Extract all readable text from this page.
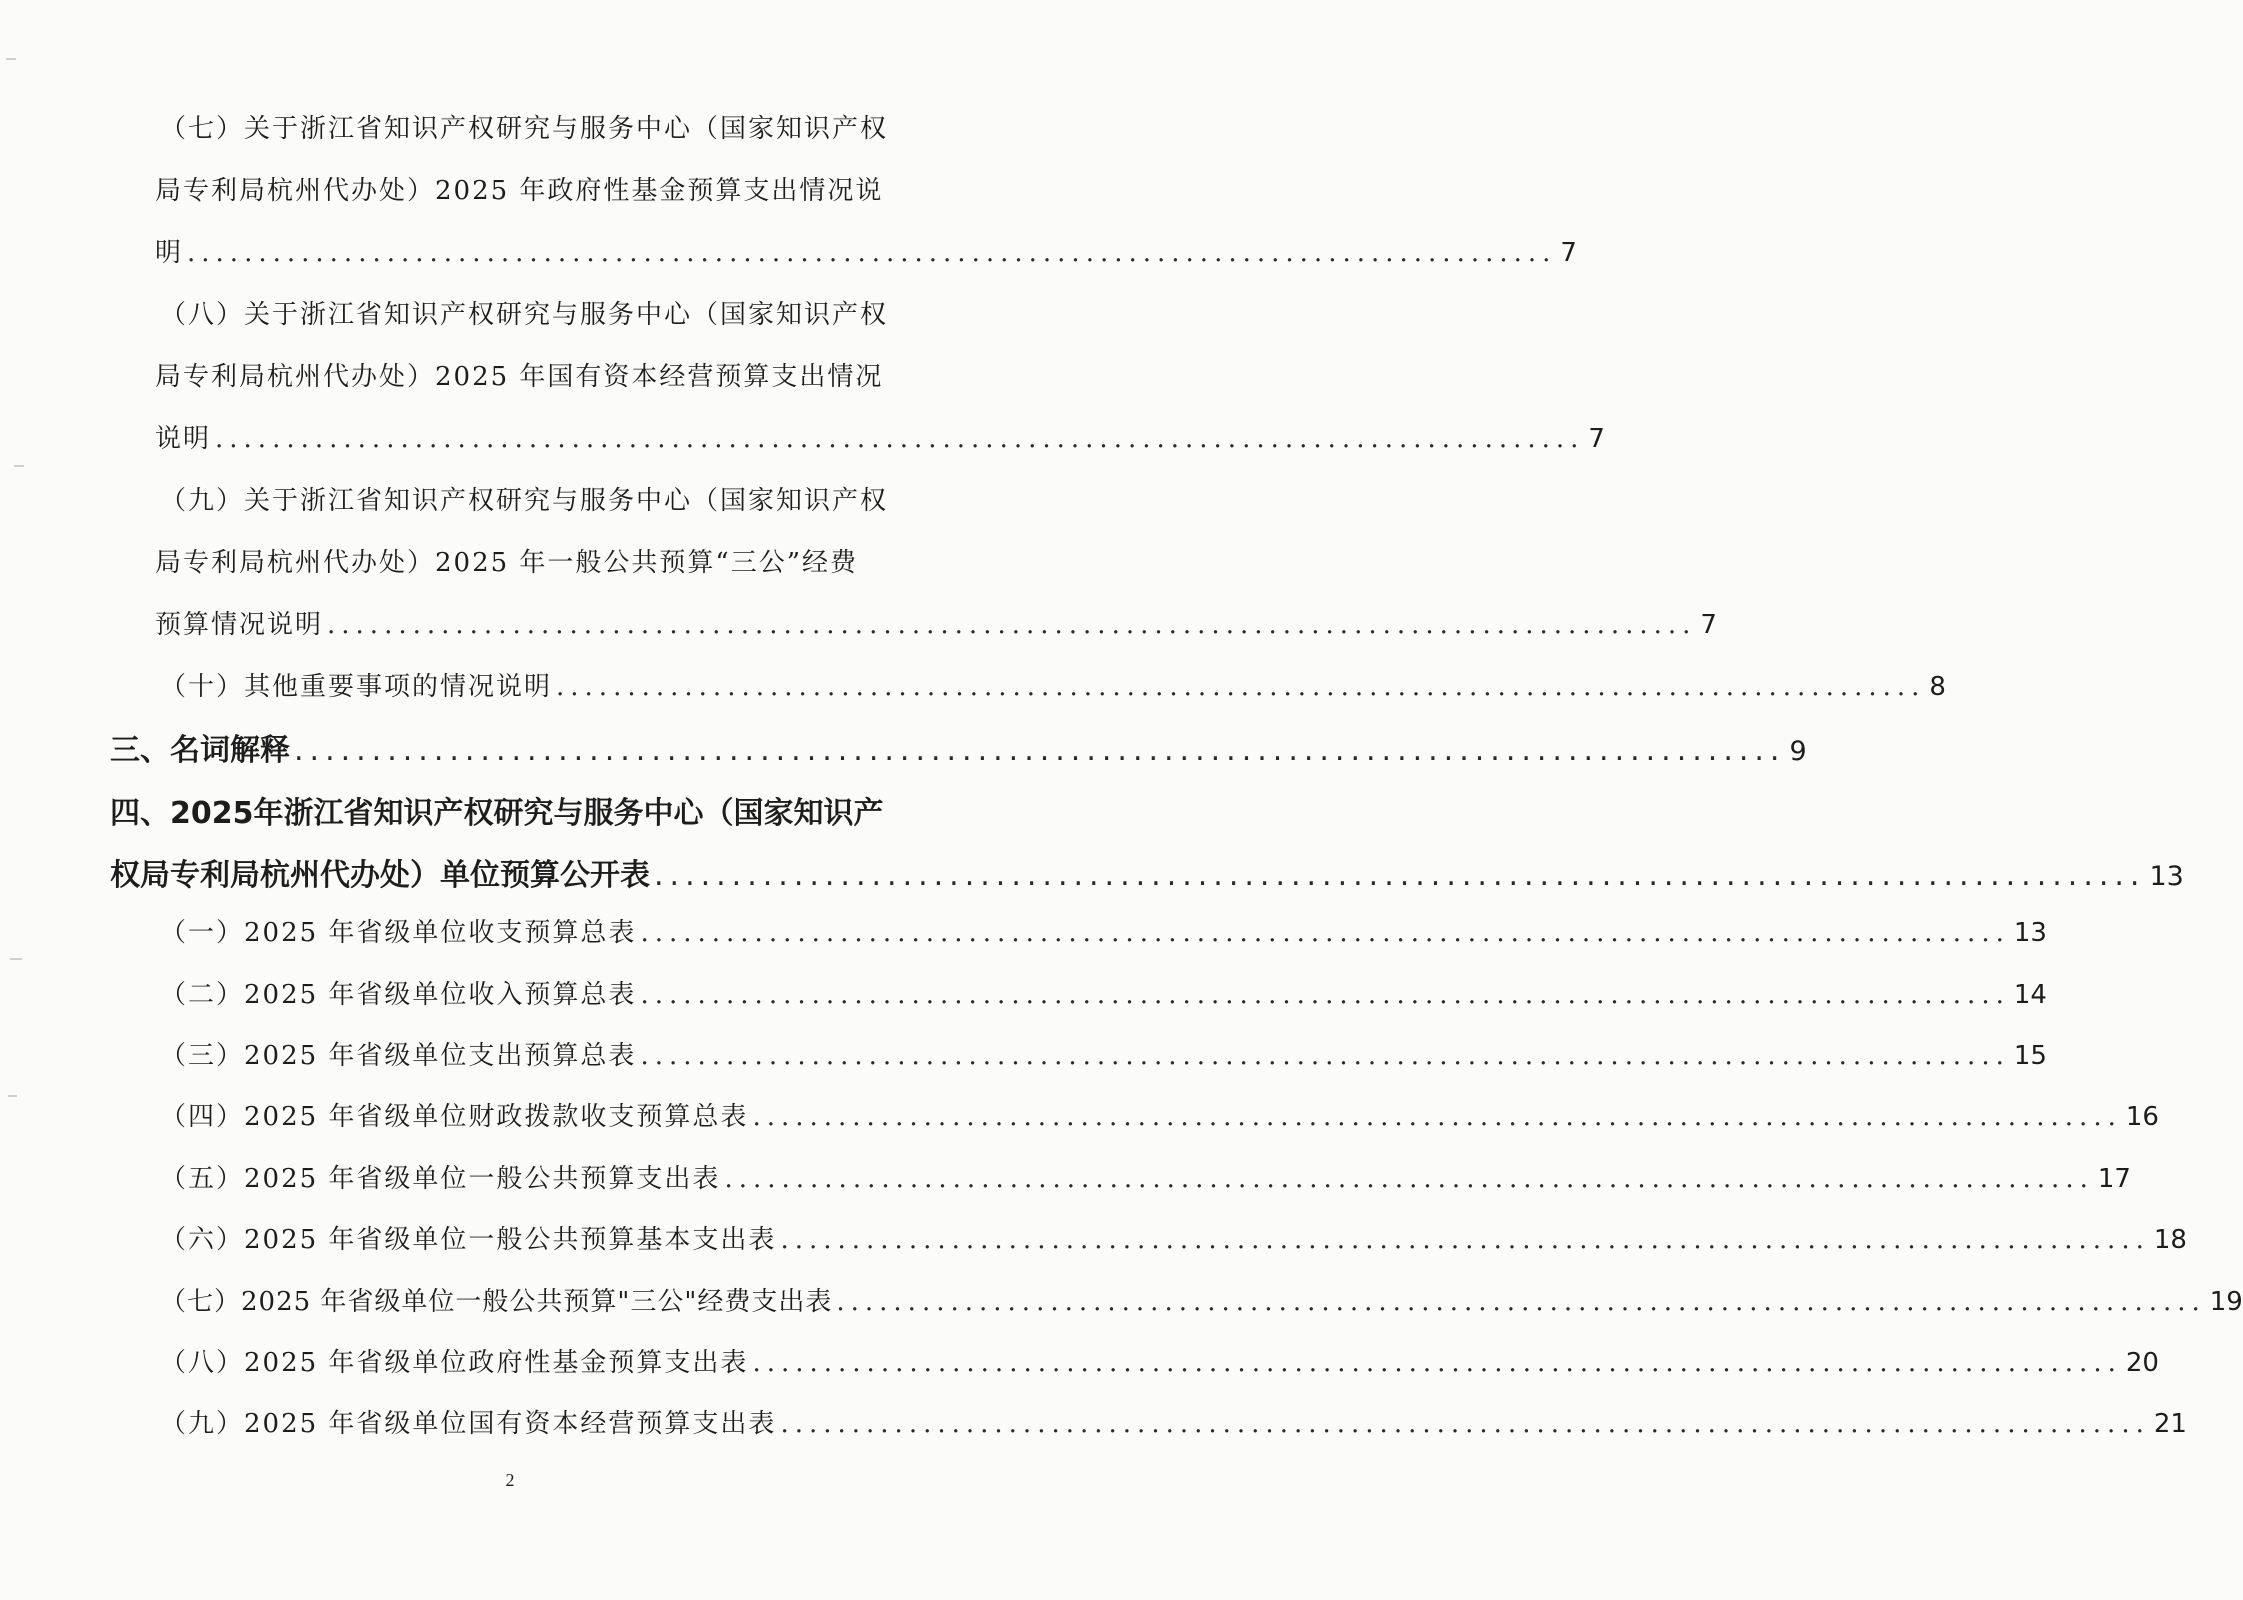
（七）关于浙江省知识产权研究与服务中心（国家知识产权
局专利局杭州代办处）2025 年政府性基金预算支出情况说
明 ................................................................................................ 7
（八）关于浙江省知识产权研究与服务中心（国家知识产权
局专利局杭州代办处）2025 年国有资本经营预算支出情况
说明 ................................................................................................ 7
（九）关于浙江省知识产权研究与服务中心（国家知识产权
局专利局杭州代办处）2025 年一般公共预算“三公”经费
预算情况说明 ................................................................................................ 7
（十）其他重要事项的情况说明 ................................................................................................ 8
三、名词解释 ................................................................................................ 9
四、2025年浙江省知识产权研究与服务中心（国家知识产
权局专利局杭州代办处）单位预算公开表 ................................................................................................ 13
（一）2025 年省级单位收支预算总表 ................................................................................................ 13
（二）2025 年省级单位收入预算总表 ................................................................................................ 14
（三）2025 年省级单位支出预算总表 ................................................................................................ 15
（四）2025 年省级单位财政拨款收支预算总表 ................................................................................................ 16
（五）2025 年省级单位一般公共预算支出表 ................................................................................................ 17
（六）2025 年省级单位一般公共预算基本支出表 ................................................................................................ 18
（七）2025 年省级单位一般公共预算"三公"经费支出表 ................................................................................................ 19
（八）2025 年省级单位政府性基金预算支出表 ................................................................................................ 20
（九）2025 年省级单位国有资本经营预算支出表 ................................................................................................ 21
2
